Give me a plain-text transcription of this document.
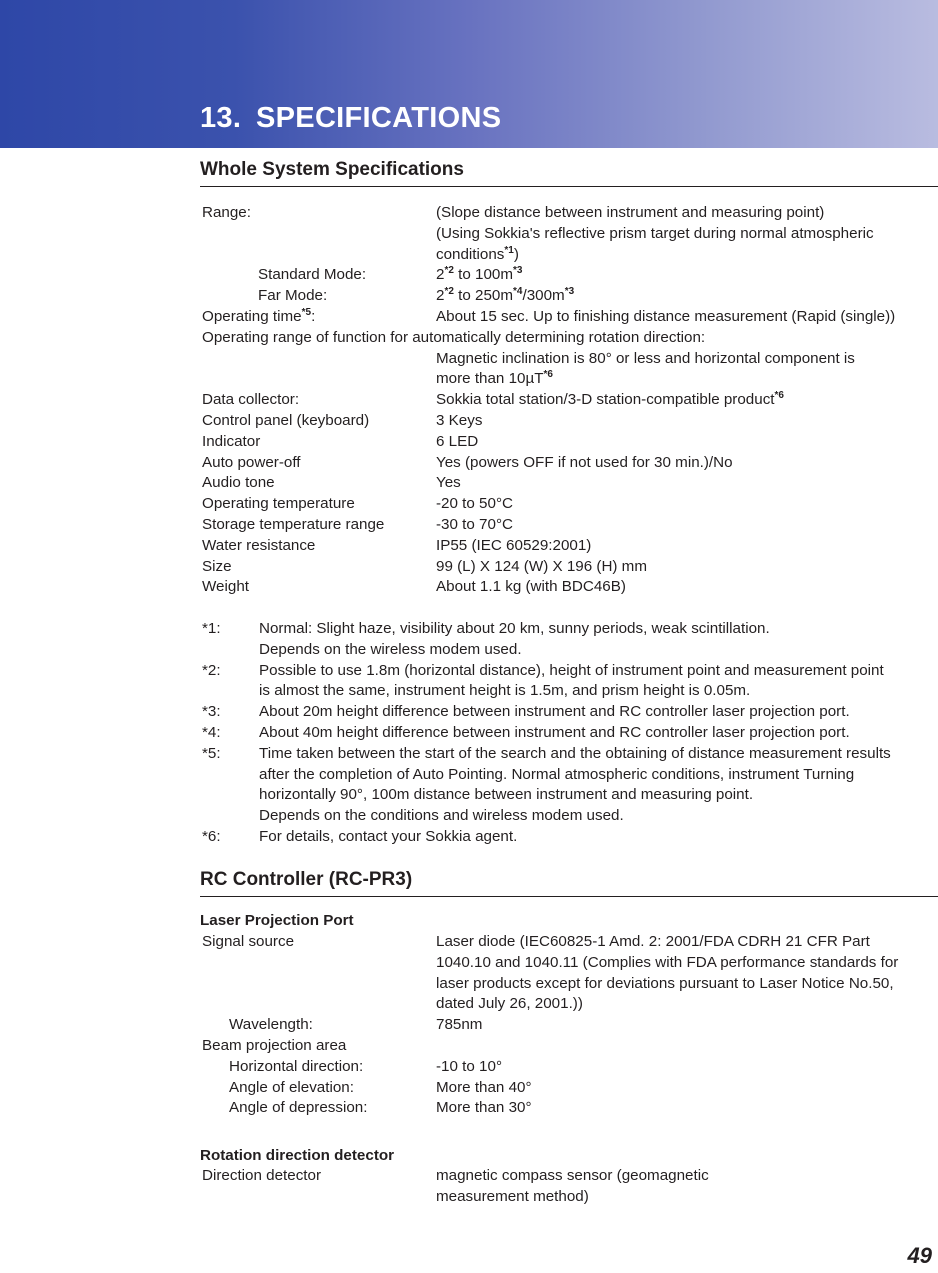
13. SPECIFICATIONS
Whole System Specifications
Range:	(Slope distance between instrument and measuring point)
(Using Sokkia's reflective prism target during normal atmospheric
conditions$^{*1}$)
Standard Mode:	2$^{*2}$ to $100m^{*3}$
Far Mode:	2$^{*2}$ to $250m^{*4}/300m^{*3}$
Operating time$^{*5}$:	About 15 sec. Up to finishing distance measurement (Rapid (single))
Operating range of function for automatically determining rotation direction:
Magnetic inclination is 80° or less and horizontal component is
more than 10µT$^{*6}$
Data collector:	Sokkia total station/3-D station-compatible product$^{*6}$
Control panel (keyboard)	3 Keys
Indicator	6 LED
Auto power-off	Yes (powers OFF if not used for 30 min.)/No
Audio tone	Yes
Operating temperature	-20 to 50°C
Storage temperature range	-30 to 70°C
Water resistance	IP55 (IEC 60529:2001)
Size	99 (L) X 124 (W) X 196 (H) mm
Weight	About 1.1 kg (with BDC46B)
*1:	Normal: Slight haze, visibility about 20 km, sunny periods, weak scintillation.
Depends on the wireless modem used.
*2:	Possible to use 1.8m (horizontal distance), height of instrument point and measurement point
is almost the same, instrument height is 1.5m, and prism height is 0.05m.
*3:	About 20m height difference between instrument and RC controller laser projection port.
*4:	About 40m height difference between instrument and RC controller laser projection port.
*5:	Time taken between the start of the search and the obtaining of distance measurement results
after the completion of Auto Pointing. Normal atmospheric conditions, instrument Turning
horizontally 90°, 100m distance between instrument and measuring point.
Depends on the conditions and wireless modem used.
*6:	For details, contact your Sokkia agent.
RC Controller (RC-PR3)
Laser Projection Port
Signal source	Laser diode (IEC60825-1 Amd. 2: 2001/FDA CDRH 21 CFR Part
1040.10 and 1040.11 (Complies with FDA performance standards for
laser products except for deviations pursuant to Laser Notice No.50,
dated July 26, 2001.))
Wavelength:	785nm
Beam projection area
Horizontal direction:	-10 to 10°
Angle of elevation:	More than 40°
Angle of depression:	More than 30°
Rotation direction detector
Direction detector	magnetic compass sensor (geomagnetic
measurement method)
49
